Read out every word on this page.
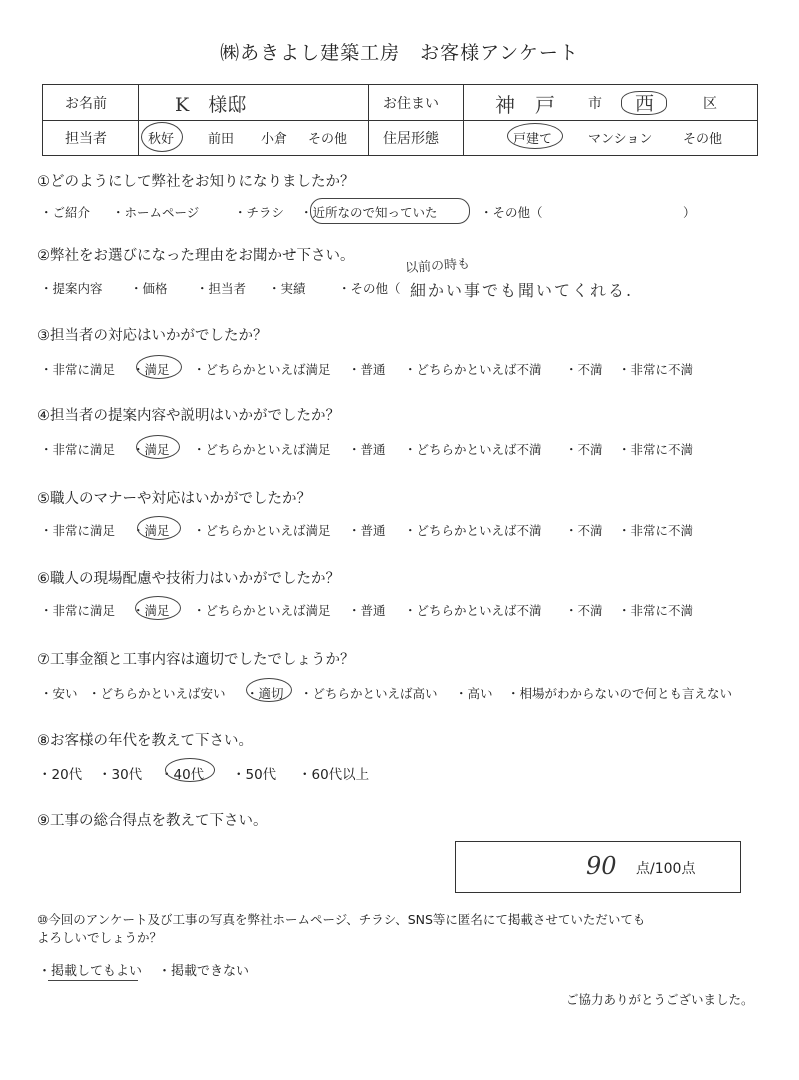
㈱あきよし建築工房　お客様アンケート
お名前	K　様邸	お住まい	神　戸 市 西	区
担当者	秋好	前田 小倉 その他	住居形態	戸建て	マンション その他
①どのようにして弊社をお知りになりましたか？
・ご紹介 ・ホームページ	・チラシ ・近所なので知っていた	・その他（	）
②弊社をお選びになった理由をお聞かせ下さい。
・提案内容 ・価格 ・担当者 ・実績	・その他（
以前の時も
細かい事でも聞いてくれる.
③担当者の対応はいかがでしたか？
・非常に満足 ・満足 ・どちらかといえば満足 ・普通 ・どちらかといえば不満 ・不満 ・非常に不満
④担当者の提案内容や説明はいかがでしたか？
・非常に満足 ・満足 ・どちらかといえば満足 ・普通 ・どちらかといえば不満 ・不満 ・非常に不満
⑤職人のマナーや対応はいかがでしたか？
・非常に満足 ・満足 ・どちらかといえば満足 ・普通 ・どちらかといえば不満 ・不満 ・非常に不満
⑥職人の現場配慮や技術力はいかがでしたか？
・非常に満足 ・満足 ・どちらかといえば満足 ・普通 ・どちらかといえば不満 ・不満 ・非常に不満
⑦工事金額と工事内容は適切でしたでしょうか？
・安い ・どちらかといえば安い ・適切 ・どちらかといえば高い ・高い ・相場がわからないので何とも言えない
⑧お客様の年代を教えて下さい。
・20代 ・30代 ・40代 ・50代 ・60代以上
⑨工事の総合得点を教えて下さい。
90 点/100点
⑩今回のアンケート及び工事の写真を弊社ホームページ、チラシ、SNS等に匿名にて掲載させていただいても
よろしいでしょうか？
・掲載してもよい ・掲載できない
ご協力ありがとうございました。
